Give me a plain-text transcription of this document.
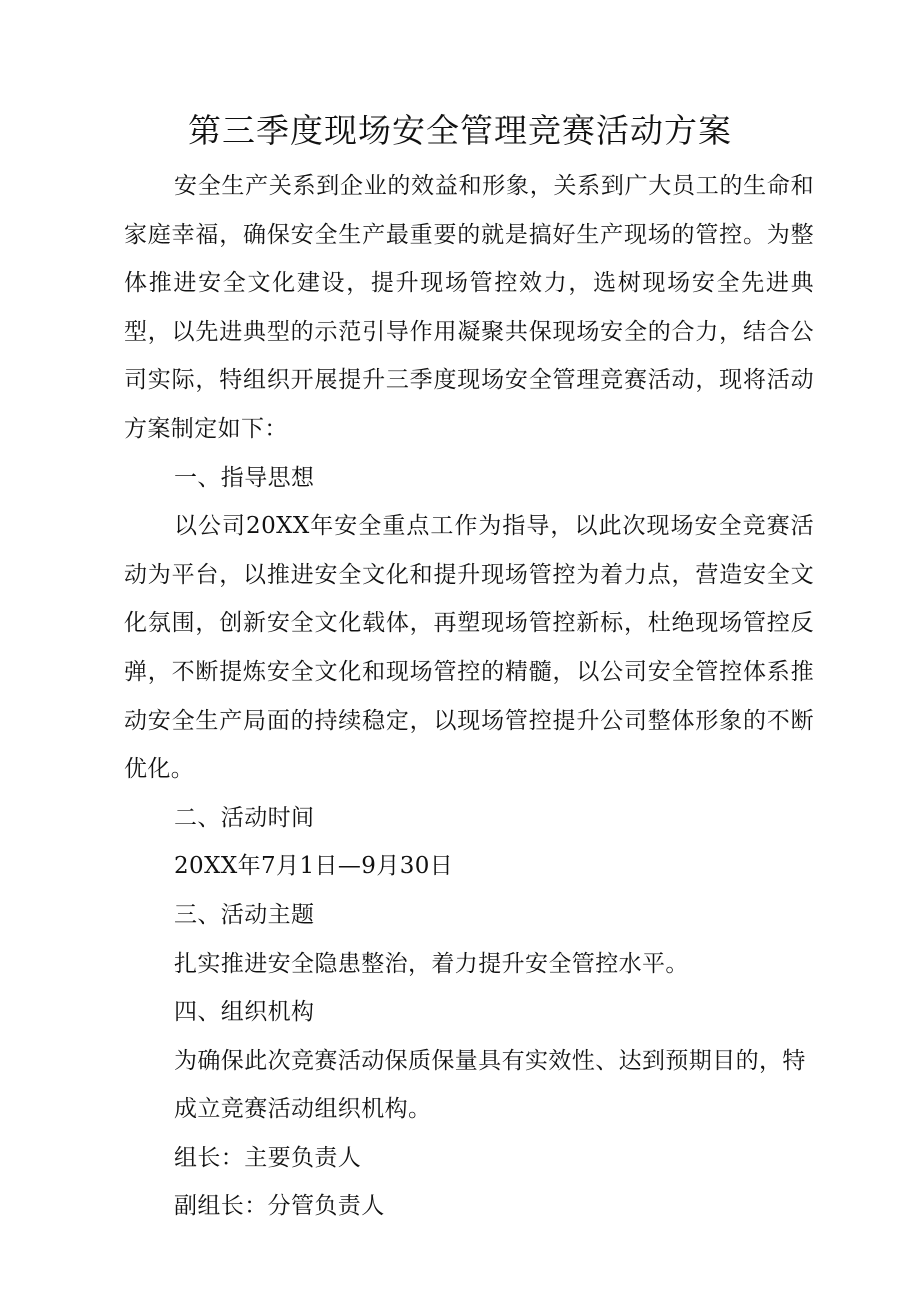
第三季度现场安全管理竞赛活动方案

安全生产关系到企业的效益和形象，关系到广大员工的生命和家庭幸福，确保安全生产最重要的就是搞好生产现场的管控。为整体推进安全文化建设，提升现场管控效力，选树现场安全先进典型，以先进典型的示范引导作用凝聚共保现场安全的合力，结合公司实际，特组织开展提升三季度现场安全管理竞赛活动，现将活动方案制定如下：

一、指导思想

以公司20XX年安全重点工作为指导，以此次现场安全竞赛活动为平台，以推进安全文化和提升现场管控为着力点，营造安全文化氛围，创新安全文化载体，再塑现场管控新标，杜绝现场管控反弹，不断提炼安全文化和现场管控的精髓，以公司安全管控体系推动安全生产局面的持续稳定，以现场管控提升公司整体形象的不断优化。

二、活动时间

20XX年7月1日—9月30日

三、活动主题

扎实推进安全隐患整治，着力提升安全管控水平。

四、组织机构

为确保此次竞赛活动保质保量具有实效性、达到预期目的，特成立竞赛活动组织机构。

组长：主要负责人

副组长：分管负责人
